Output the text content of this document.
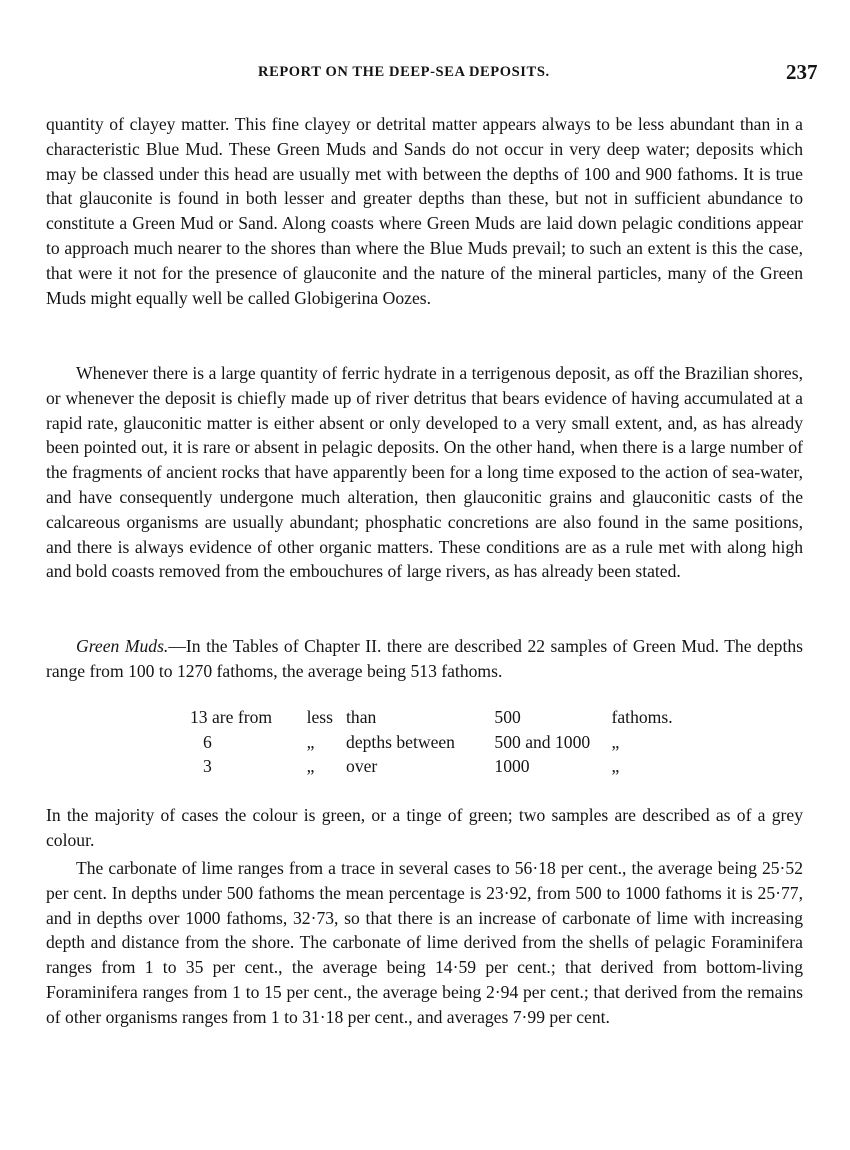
REPORT ON THE DEEP-SEA DEPOSITS.	237

quantity of clayey matter. This fine clayey or detrital matter appears always to be less abundant than in a characteristic Blue Mud. These Green Muds and Sands do not occur in very deep water; deposits which may be classed under this head are usually met with between the depths of 100 and 900 fathoms. It is true that glauconite is found in both lesser and greater depths than these, but not in sufficient abundance to constitute a Green Mud or Sand. Along coasts where Green Muds are laid down pelagic conditions appear to approach much nearer to the shores than where the Blue Muds prevail; to such an extent is this the case, that were it not for the presence of glauconite and the nature of the mineral particles, many of the Green Muds might equally well be called Globigerina Oozes.

Whenever there is a large quantity of ferric hydrate in a terrigenous deposit, as off the Brazilian shores, or whenever the deposit is chiefly made up of river detritus that bears evidence of having accumulated at a rapid rate, glauconitic matter is either absent or only developed to a very small extent, and, as has already been pointed out, it is rare or absent in pelagic deposits. On the other hand, when there is a large number of the fragments of ancient rocks that have apparently been for a long time exposed to the action of sea-water, and have consequently undergone much alteration, then glauconitic grains and glauconitic casts of the calcareous organisms are usually abundant; phosphatic concretions are also found in the same positions, and there is always evidence of other organic matters. These conditions are as a rule met with along high and bold coasts removed from the embouchures of large rivers, as has already been stated.

Green Muds.—In the Tables of Chapter II. there are described 22 samples of Green Mud. The depths range from 100 to 1270 fathoms, the average being 513 fathoms.

13 are from	less	than	500	fathoms.
6	„	depths between	500 and 1000	„
3	„	over	1000	„

In the majority of cases the colour is green, or a tinge of green; two samples are described as of a grey colour.

The carbonate of lime ranges from a trace in several cases to 56·18 per cent., the average being 25·52 per cent. In depths under 500 fathoms the mean percentage is 23·92, from 500 to 1000 fathoms it is 25·77, and in depths over 1000 fathoms, 32·73, so that there is an increase of carbonate of lime with increasing depth and distance from the shore. The carbonate of lime derived from the shells of pelagic Foraminifera ranges from 1 to 35 per cent., the average being 14·59 per cent.; that derived from bottom-living Foraminifera ranges from 1 to 15 per cent., the average being 2·94 per cent.; that derived from the remains of other organisms ranges from 1 to 31·18 per cent., and averages 7·99 per cent.
